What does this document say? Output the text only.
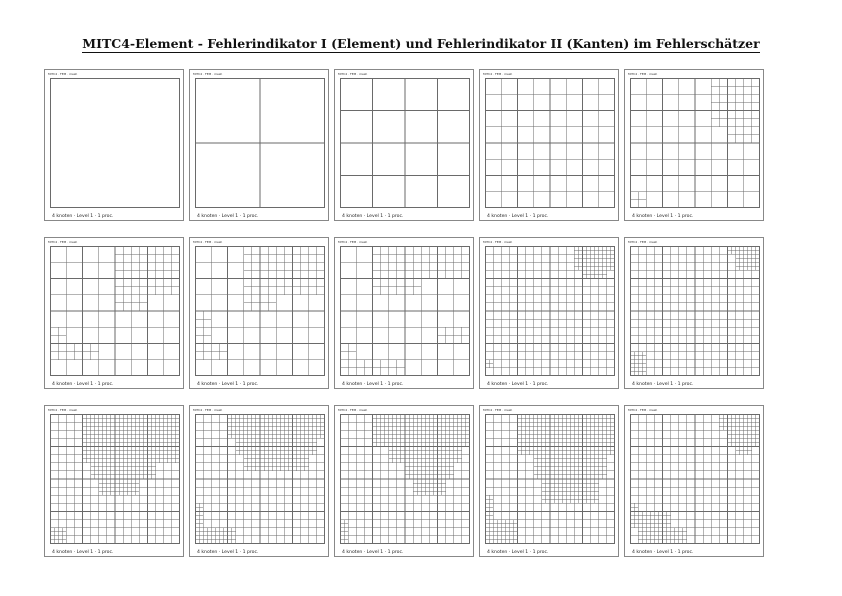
MITC4-Element - Fehlerindikator I (Element) und Fehlerindikator II (Kanten) im Fehlerschätzer
MITC4 · FEM · mesh
4 knoten · Level 1 · 1 proc.
MITC4 · FEM · mesh
4 knoten · Level 1 · 1 proc.
MITC4 · FEM · mesh
4 knoten · Level 1 · 1 proc.
MITC4 · FEM · mesh
4 knoten · Level 1 · 1 proc.
MITC4 · FEM · mesh
4 knoten · Level 1 · 1 proc.
MITC4 · FEM · mesh
4 knoten · Level 1 · 1 proc.
MITC4 · FEM · mesh
4 knoten · Level 1 · 1 proc.
MITC4 · FEM · mesh
4 knoten · Level 1 · 1 proc.
MITC4 · FEM · mesh
4 knoten · Level 1 · 1 proc.
MITC4 · FEM · mesh
4 knoten · Level 1 · 1 proc.
MITC4 · FEM · mesh
4 knoten · Level 1 · 1 proc.
MITC4 · FEM · mesh
4 knoten · Level 1 · 1 proc.
MITC4 · FEM · mesh
4 knoten · Level 1 · 1 proc.
MITC4 · FEM · mesh
4 knoten · Level 1 · 1 proc.
MITC4 · FEM · mesh
4 knoten · Level 1 · 1 proc.
